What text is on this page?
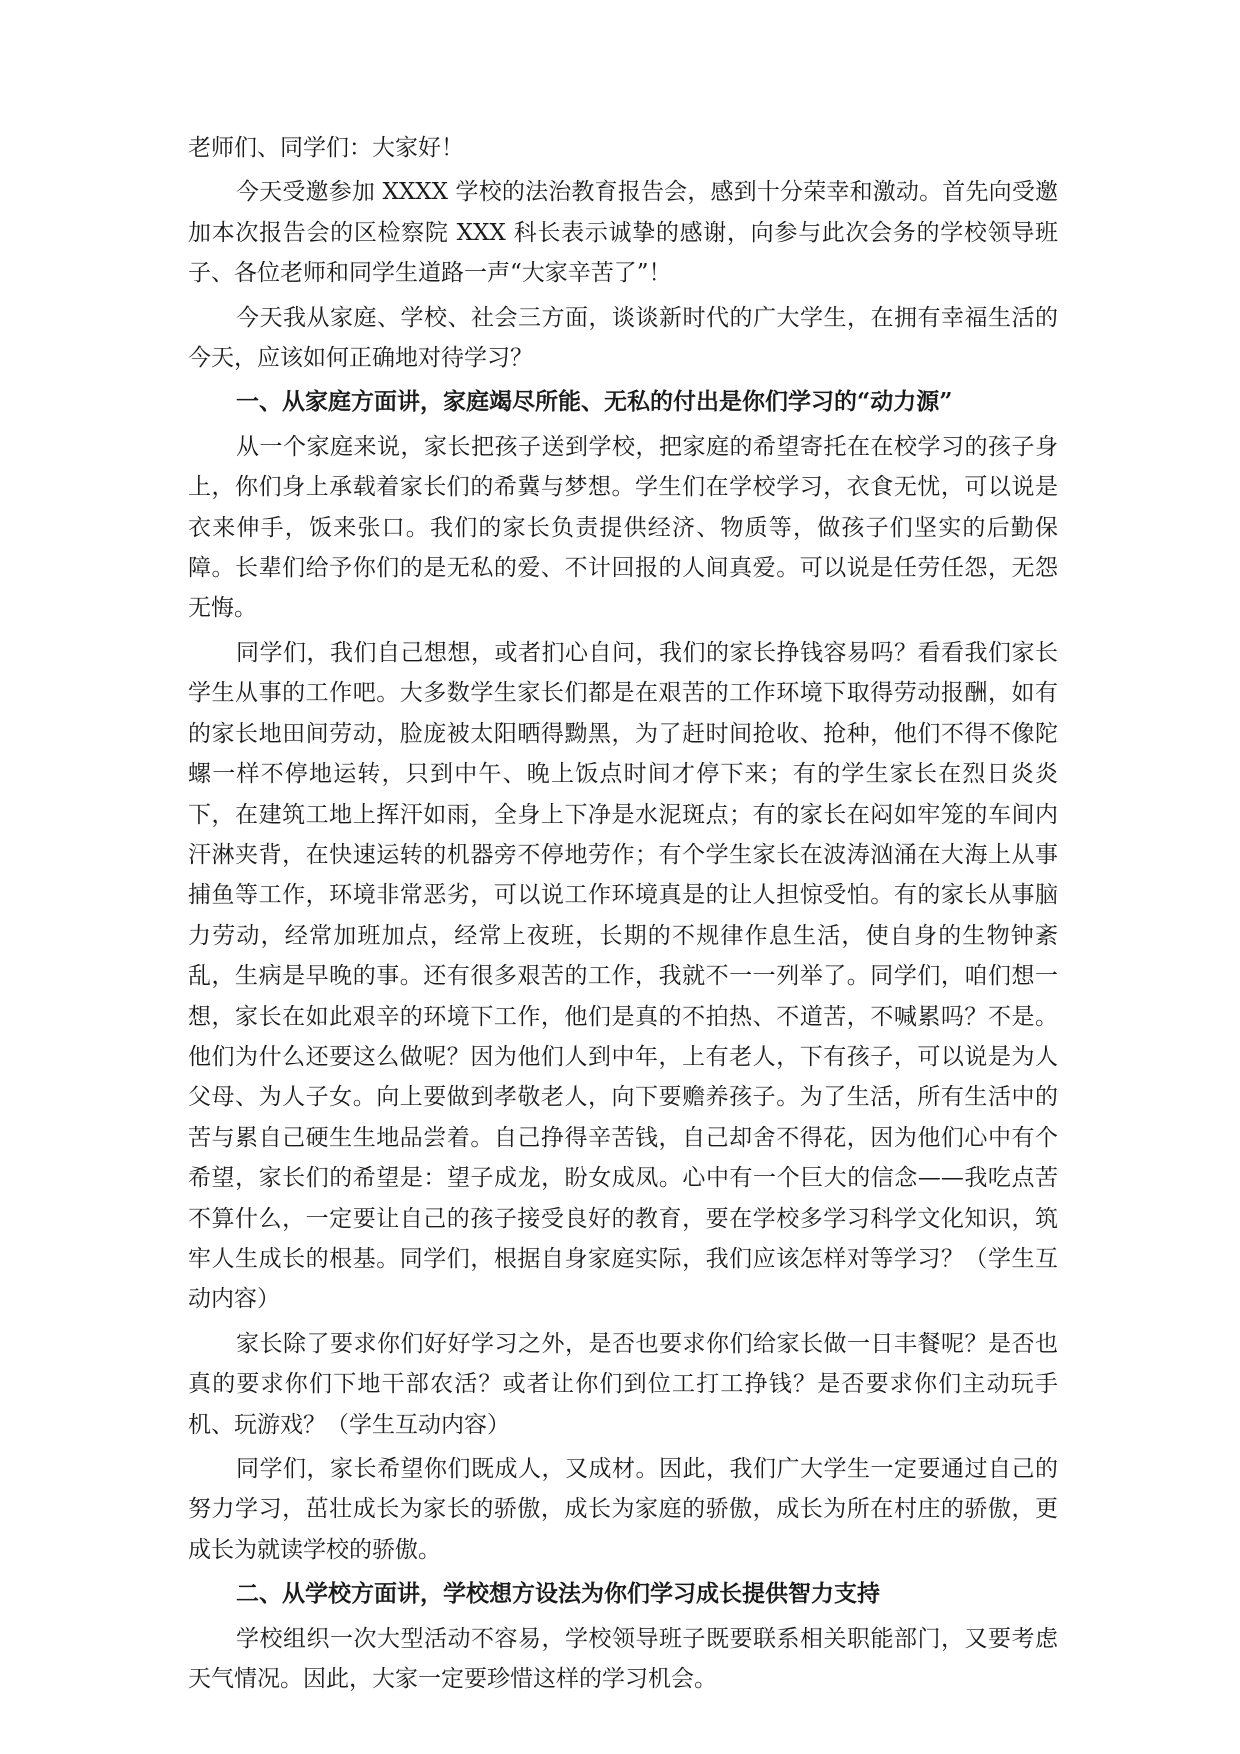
老师们、同学们：大家好！

今天受邀参加 XXXX 学校的法治教育报告会，感到十分荣幸和激动。首先向受邀加本次报告会的区检察院 XXX 科长表示诚挚的感谢，向参与此次会务的学校领导班子、各位老师和同学生道路一声“大家辛苦了”！

今天我从家庭、学校、社会三方面，谈谈新时代的广大学生，在拥有幸福生活的今天，应该如何正确地对待学习？

一、从家庭方面讲，家庭竭尽所能、无私的付出是你们学习的“动力源”

从一个家庭来说，家长把孩子送到学校，把家庭的希望寄托在在校学习的孩子身上，你们身上承载着家长们的希冀与梦想。学生们在学校学习，衣食无忧，可以说是衣来伸手，饭来张口。我们的家长负责提供经济、物质等，做孩子们坚实的后勤保障。长辈们给予你们的是无私的爱、不计回报的人间真爱。可以说是任劳任怨，无怨无悔。

同学们，我们自己想想，或者扪心自问，我们的家长挣钱容易吗？看看我们家长学生从事的工作吧。大多数学生家长们都是在艰苦的工作环境下取得劳动报酬，如有的家长地田间劳动，脸庞被太阳晒得黝黑，为了赶时间抢收、抢种，他们不得不像陀螺一样不停地运转，只到中午、晚上饭点时间才停下来；有的学生家长在烈日炎炎下，在建筑工地上挥汗如雨，全身上下净是水泥斑点；有的家长在闷如牢笼的车间内汗淋夹背，在快速运转的机器旁不停地劳作；有个学生家长在波涛汹涌在大海上从事捕鱼等工作，环境非常恶劣，可以说工作环境真是的让人担惊受怕。有的家长从事脑力劳动，经常加班加点，经常上夜班，长期的不规律作息生活，使自身的生物钟紊乱，生病是早晚的事。还有很多艰苦的工作，我就不一一列举了。同学们，咱们想一想，家长在如此艰辛的环境下工作，他们是真的不拍热、不道苦，不喊累吗？不是。他们为什么还要这么做呢？因为他们人到中年，上有老人，下有孩子，可以说是为人父母、为人子女。向上要做到孝敬老人，向下要赡养孩子。为了生活，所有生活中的苦与累自己硬生生地品尝着。自己挣得辛苦钱，自己却舍不得花，因为他们心中有个希望，家长们的希望是：望子成龙，盼女成凤。心中有一个巨大的信念——我吃点苦不算什么，一定要让自己的孩子接受良好的教育，要在学校多学习科学文化知识，筑牢人生成长的根基。同学们，根据自身家庭实际，我们应该怎样对等学习？（学生互动内容）

家长除了要求你们好好学习之外，是否也要求你们给家长做一日丰餐呢？是否也真的要求你们下地干部农活？或者让你们到位工打工挣钱？是否要求你们主动玩手机、玩游戏？（学生互动内容）

同学们，家长希望你们既成人，又成材。因此，我们广大学生一定要通过自己的努力学习，茁壮成长为家长的骄傲，成长为家庭的骄傲，成长为所在村庄的骄傲，更成长为就读学校的骄傲。

二、从学校方面讲，学校想方设法为你们学习成长提供智力支持

学校组织一次大型活动不容易，学校领导班子既要联系相关职能部门，又要考虑天气情况。因此，大家一定要珍惜这样的学习机会。
